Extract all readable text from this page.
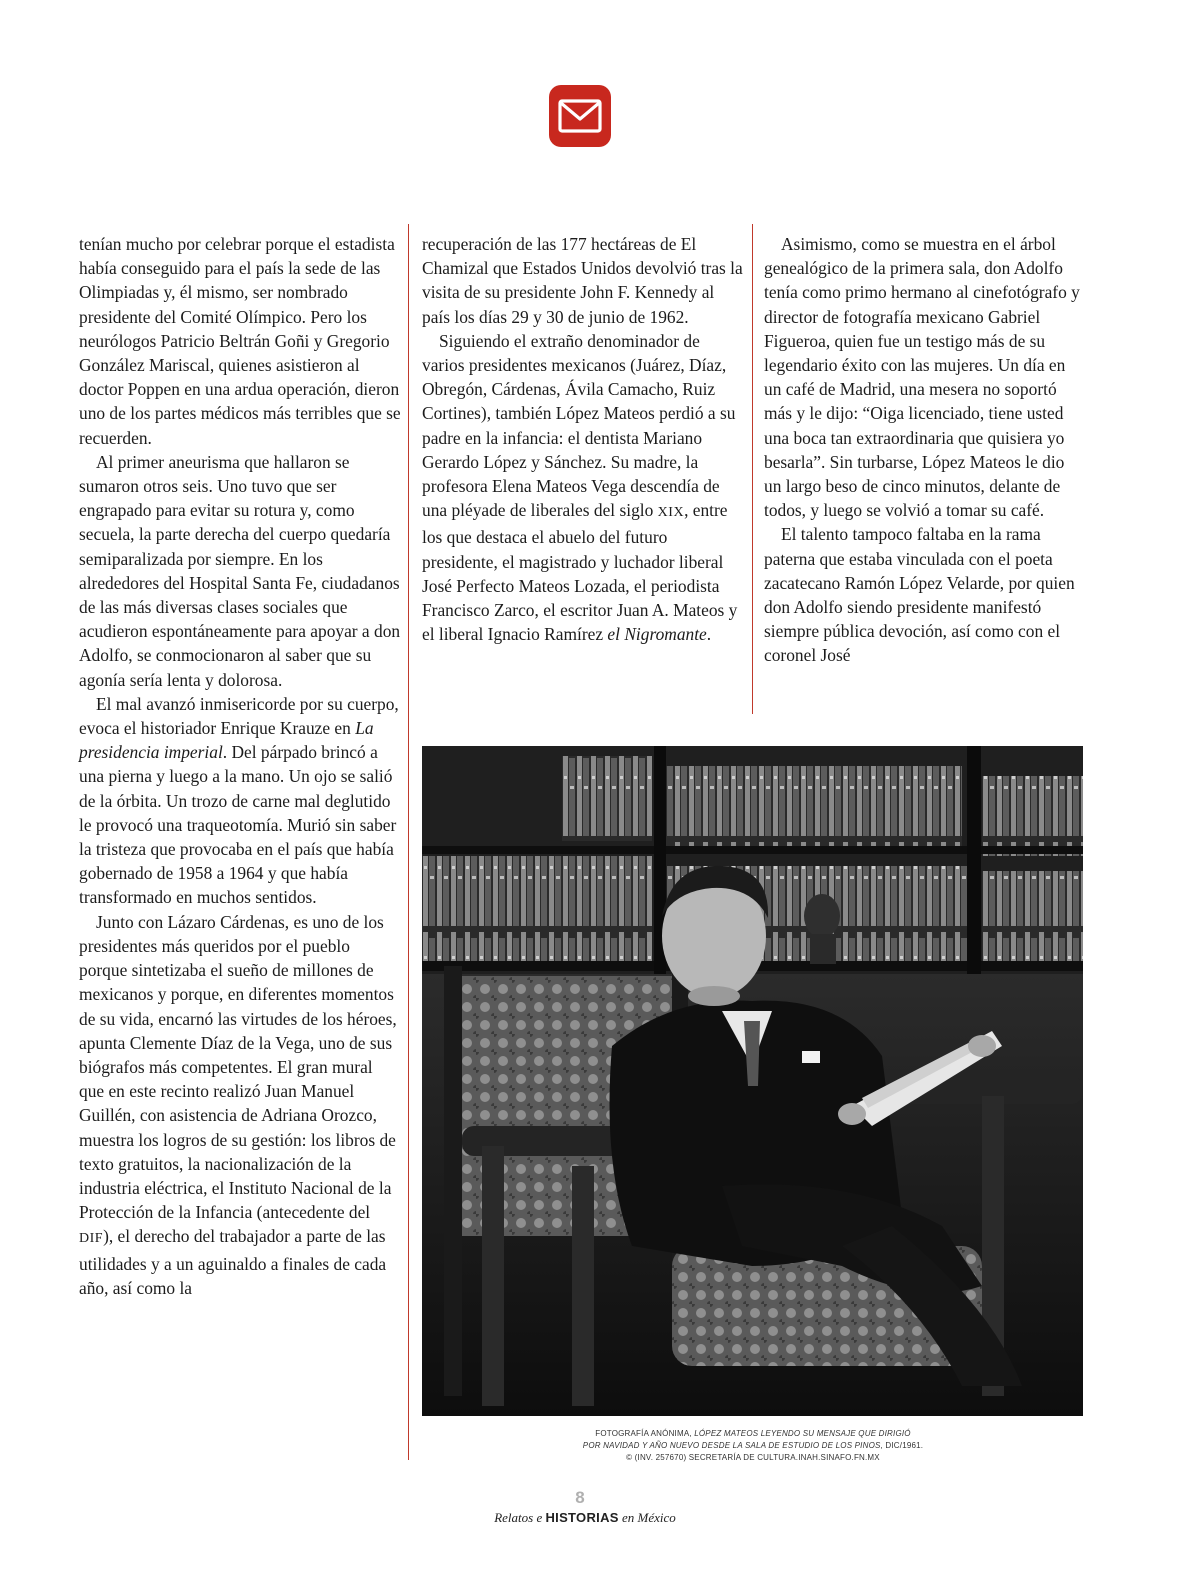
tenían mucho por celebrar porque el estadista había conseguido para el país la sede de las Olimpiadas y, él mismo, ser nombrado presidente del Comité Olímpico. Pero los neurólogos Patricio Beltrán Goñi y Gregorio González Mariscal, quienes asistieron al doctor Poppen en una ardua operación, dieron uno de los partes médicos más terribles que se recuerden.

Al primer aneurisma que hallaron se sumaron otros seis. Uno tuvo que ser engrapado para evitar su rotura y, como secuela, la parte derecha del cuerpo quedaría semiparalizada por siempre. En los alrededores del Hospital Santa Fe, ciudadanos de las más diversas clases sociales que acudieron espontáneamente para apoyar a don Adolfo, se conmocionaron al saber que su agonía sería lenta y dolorosa.

El mal avanzó inmisericorde por su cuerpo, evoca el historiador Enrique Krauze en La presidencia imperial. Del párpado brincó a una pierna y luego a la mano. Un ojo se salió de la órbita. Un trozo de carne mal deglutido le provocó una traqueotomía. Murió sin saber la tristeza que provocaba en el país que había gobernado de 1958 a 1964 y que había transformado en muchos sentidos.

Junto con Lázaro Cárdenas, es uno de los presidentes más queridos por el pueblo porque sintetizaba el sueño de millones de mexicanos y porque, en diferentes momentos de su vida, encarnó las virtudes de los héroes, apunta Clemente Díaz de la Vega, uno de sus biógrafos más competentes. El gran mural que en este recinto realizó Juan Manuel Guillén, con asistencia de Adriana Orozco, muestra los logros de su gestión: los libros de texto gratuitos, la nacionalización de la industria eléctrica, el Instituto Nacional de la Protección de la Infancia (antecedente del DIF), el derecho del trabajador a parte de las utilidades y a un aguinaldo a finales de cada año, así como la

recuperación de las 177 hectáreas de El Chamizal que Estados Unidos devolvió tras la visita de su presidente John F. Kennedy al país los días 29 y 30 de junio de 1962.

Siguiendo el extraño denominador de varios presidentes mexicanos (Juárez, Díaz, Obregón, Cárdenas, Ávila Camacho, Ruiz Cortines), también López Mateos perdió a su padre en la infancia: el dentista Mariano Gerardo López y Sánchez. Su madre, la profesora Elena Mateos Vega descendía de una pléyade de liberales del siglo XIX, entre los que destaca el abuelo del futuro presidente, el magistrado y luchador liberal José Perfecto Mateos Lozada, el periodista Francisco Zarco, el escritor Juan A. Mateos y el liberal Ignacio Ramírez el Nigromante.

Asimismo, como se muestra en el árbol genealógico de la primera sala, don Adolfo tenía como primo hermano al cinefotógrafo y director de fotografía mexicano Gabriel Figueroa, quien fue un testigo más de su legendario éxito con las mujeres. Un día en un café de Madrid, una mesera no soportó más y le dijo: “Oiga licenciado, tiene usted una boca tan extraordinaria que quisiera yo besarla”. Sin turbarse, López Mateos le dio un largo beso de cinco minutos, delante de todos, y luego se volvió a tomar su café.

El talento tampoco faltaba en la rama paterna que estaba vinculada con el poeta zacatecano Ramón López Velarde, por quien don Adolfo siendo presidente manifestó siempre pública devoción, así como con el coronel José

FOTOGRAFÍA ANÓNIMA, LÓPEZ MATEOS LEYENDO SU MENSAJE QUE DIRIGIÓ
POR NAVIDAD Y AÑO NUEVO DESDE LA SALA DE ESTUDIO DE LOS PINOS, DIC/1961.
© (INV. 257670) SECRETARÍA DE CULTURA.INAH.SINAFO.FN.MX
8
Relatos e HISTORIAS en México
